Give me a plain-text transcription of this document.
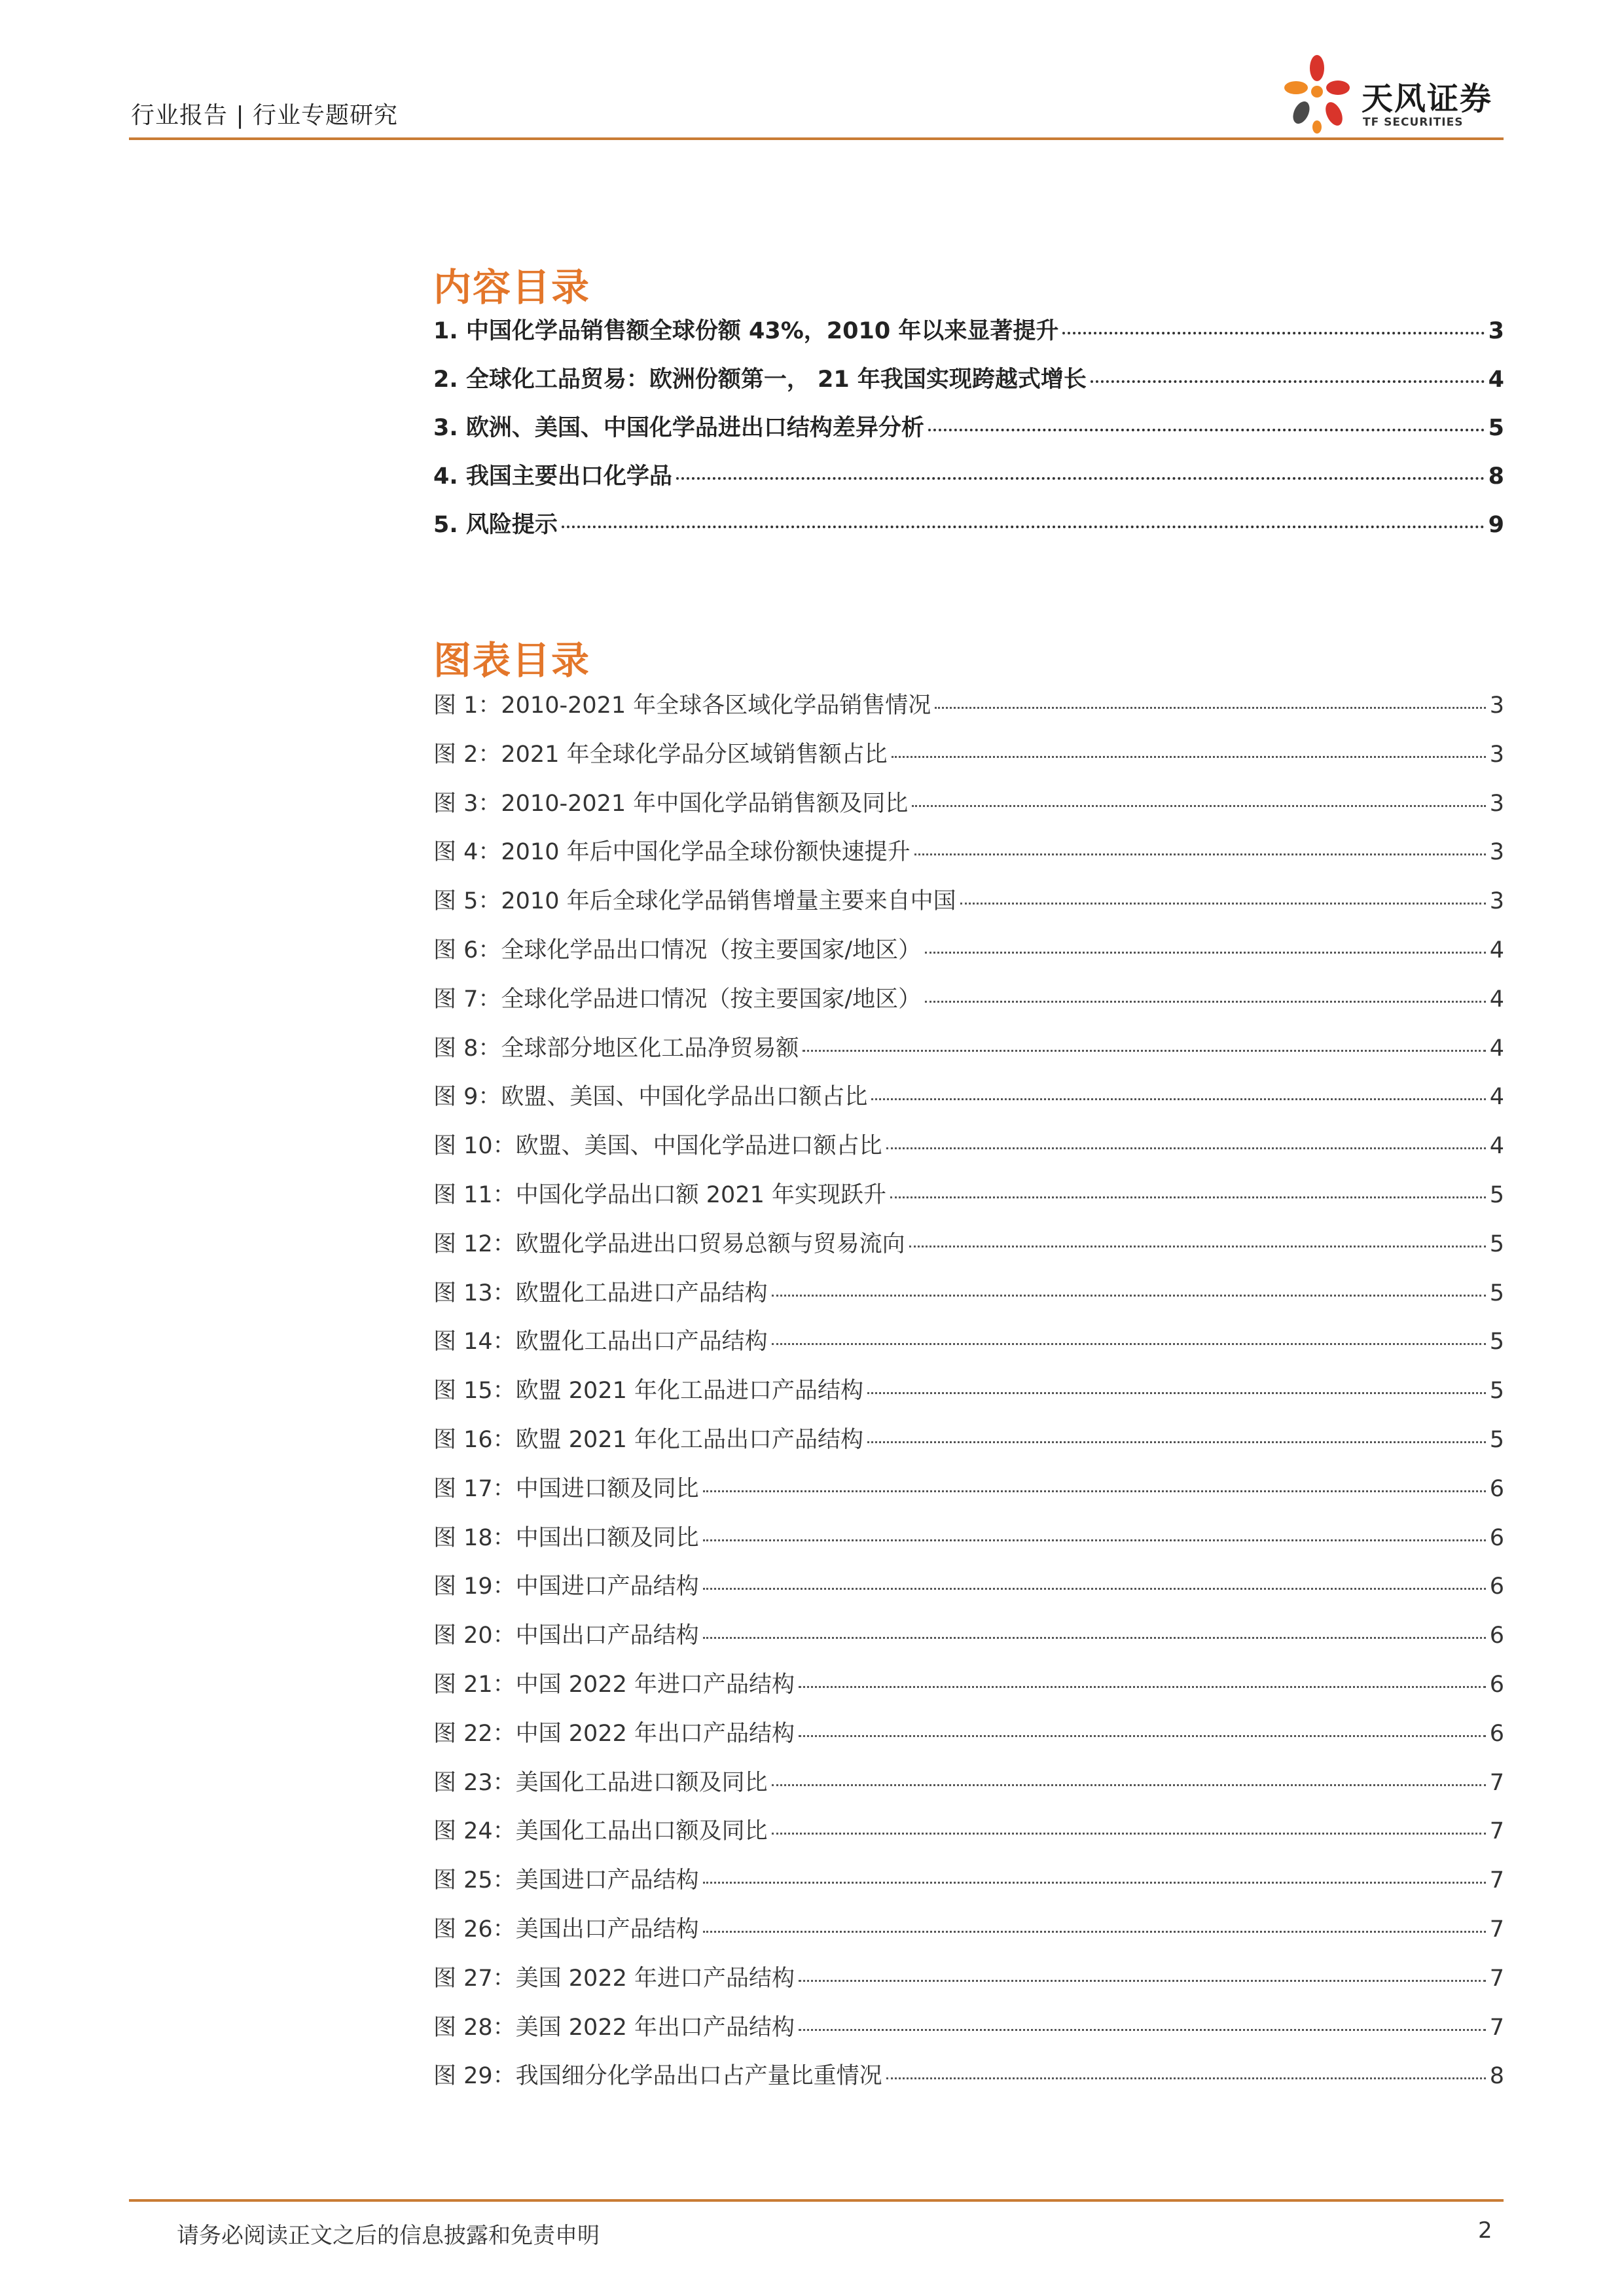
行业报告 | 行业专题研究	天风证券
TF SECURITIES
内容目录
1. 中国化学品销售额全球份额 43%，2010 年以来显著提升	3
2. 全球化工品贸易：欧洲份额第一， 21 年我国实现跨越式增长	4
3. 欧洲、美国、中国化学品进出口结构差异分析	5
4. 我国主要出口化学品	8
5. 风险提示	9
图表目录
图 1：2010-2021 年全球各区域化学品销售情况	3
图 2：2021 年全球化学品分区域销售额占比	3
图 3：2010-2021 年中国化学品销售额及同比	3
图 4：2010 年后中国化学品全球份额快速提升	3
图 5：2010 年后全球化学品销售增量主要来自中国	3
图 6：全球化学品出口情况（按主要国家/地区）	4
图 7：全球化学品进口情况（按主要国家/地区）	4
图 8：全球部分地区化工品净贸易额	4
图 9：欧盟、美国、中国化学品出口额占比	4
图 10：欧盟、美国、中国化学品进口额占比	4
图 11：中国化学品出口额 2021 年实现跃升	5
图 12：欧盟化学品进出口贸易总额与贸易流向	5
图 13：欧盟化工品进口产品结构	5
图 14：欧盟化工品出口产品结构	5
图 15：欧盟 2021 年化工品进口产品结构	5
图 16：欧盟 2021 年化工品出口产品结构	5
图 17：中国进口额及同比	6
图 18：中国出口额及同比	6
图 19：中国进口产品结构	6
图 20：中国出口产品结构	6
图 21：中国 2022 年进口产品结构	6
图 22：中国 2022 年出口产品结构	6
图 23：美国化工品进口额及同比	7
图 24：美国化工品出口额及同比	7
图 25：美国进口产品结构	7
图 26：美国出口产品结构	7
图 27：美国 2022 年进口产品结构	7
图 28：美国 2022 年出口产品结构	7
图 29：我国细分化学品出口占产量比重情况	8
请务必阅读正文之后的信息披露和免责申明	2
